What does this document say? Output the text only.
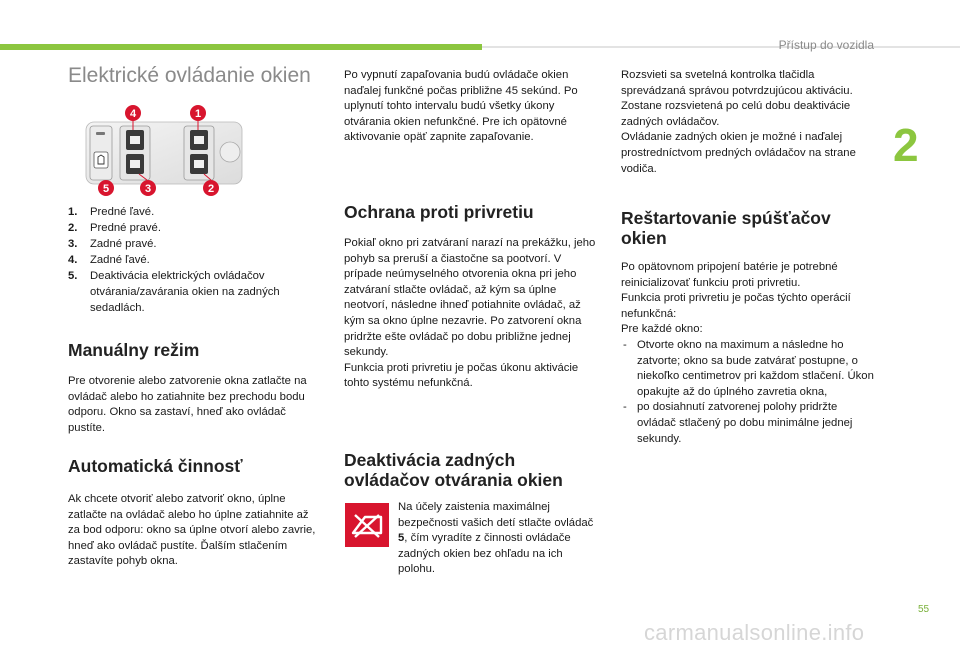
Přístup do vozidla
2
Elektrické ovládanie okien
4	1
5	3	2
1. Predné ľavé.
2. Predné pravé.
3. Zadné pravé.
4. Zadné ľavé.
5. Deaktivácia elektrických ovládačov otvárania/zavárania okien na zadných sedadlách.
Manuálny režim

Pre otvorenie alebo zatvorenie okna zatlačte na ovládač alebo ho zatiahnite bez prechodu bodu odporu. Okno sa zastaví, hneď ako ovládač pustíte.

Automatická činnosť

Ak chcete otvoriť alebo zatvoriť okno, úplne zatlačte na ovládač alebo ho úplne zatiahnite až za bod odporu: okno sa úplne otvorí alebo zavrie, hneď ako ovládač pustíte. Ďalším stlačením zastavíte pohyb okna.

Po vypnutí zapaľovania budú ovládače okien naďalej funkčné počas približne 45 sekúnd. Po uplynutí tohto intervalu budú všetky úkony otvárania okien nefunkčné. Pre ich opätovné aktivovanie opäť zapnite zapaľovanie.

Ochrana proti privretiu

Pokiaľ okno pri zatváraní narazí na prekážku, jeho pohyb sa preruší a čiastočne sa pootvorí. V prípade neúmyselného otvorenia okna pri jeho zatváraní stlačte ovládač, až kým sa úplne neotvorí, následne ihneď potiahnite ovládač, až kým sa okno úplne nezavrie. Po zatvorení okna pridržte ešte ovládač po dobu približne jednej sekundy.

Funkcia proti privretiu je počas úkonu aktivácie tohto systému nefunkčná.

Deaktivácia zadných
ovládačov otvárania okien

Na účely zaistenia maximálnej bezpečnosti vašich detí stlačte ovládač 5, čím vyradíte z činnosti ovládače zadných okien bez ohľadu na ich polohu.

Rozsvieti sa svetelná kontrolka tlačidla sprevádzaná správou potvrdzujúcou aktiváciu. Zostane rozsvietená po celú dobu deaktivácie zadných ovládačov.

Ovládanie zadných okien je možné i naďalej prostredníctvom predných ovládačov na strane vodiča.

Reštartovanie spúšťačov
okien

Po opätovnom pripojení batérie je potrebné reinicializovať funkciu proti privretiu.

Funkcia proti privretiu je počas týchto operácií nefunkčná:

Pre každé okno:

- Otvorte okno na maximum a následne ho zatvorte; okno sa bude zatvárať postupne, o niekoľko centimetrov pri každom stlačení. Úkon opakujte až do úplného zavretia okna,
- po dosiahnutí zatvorenej polohy pridržte ovládač stlačený po dobu minimálne jednej sekundy.
55
carmanualsonline.info
